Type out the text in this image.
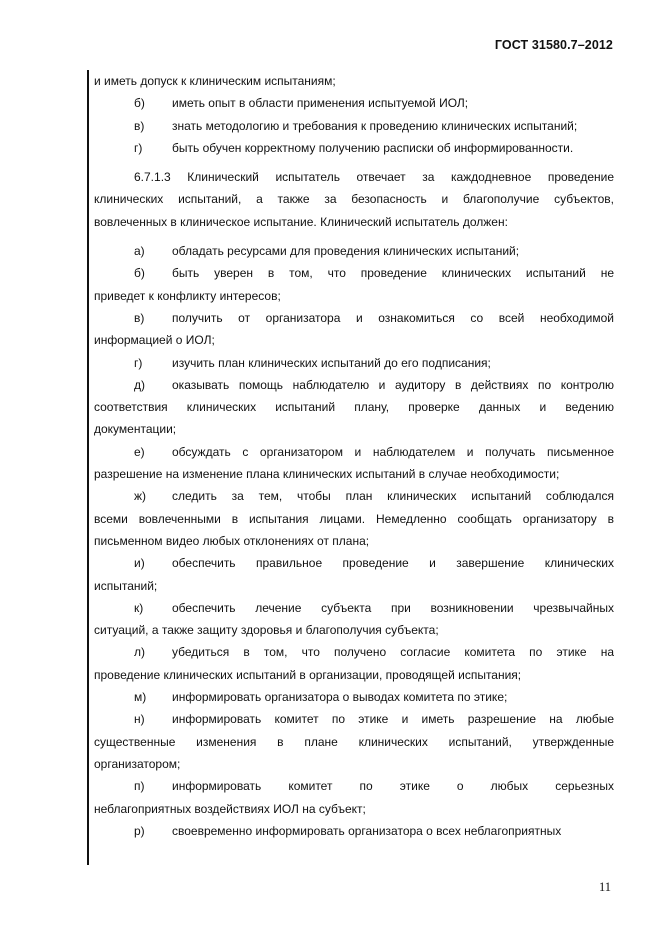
ГОСТ 31580.7–2012
и иметь допуск к клиническим испытаниям;
б)	иметь опыт в области применения испытуемой ИОЛ;
в)	знать методологию и требования к проведению клинических испытаний;
г)	быть обучен корректному получению расписки об информированности.
6.7.1.3 Клинический испытатель отвечает за каждодневное проведение
клинических испытаний, а также за безопасность и благополучие субъектов,
вовлеченных в клиническое испытание. Клинический испытатель должен:
а)	обладать ресурсами для проведения клинических испытаний;
б)	быть уверен в том, что проведение клинических испытаний не
приведет к конфликту интересов;
в)	получить от организатора и ознакомиться со всей необходимой
информацией о ИОЛ;
г)	изучить план клинических испытаний до его подписания;
д)	оказывать помощь наблюдателю и аудитору в действиях по контролю
соответствия клинических испытаний плану, проверке данных и ведению
документации;
е)	обсуждать с организатором и наблюдателем и получать письменное
разрешение на изменение плана клинических испытаний в случае необходимости;
ж)	следить за тем, чтобы план клинических испытаний соблюдался
всеми вовлеченными в испытания лицами. Немедленно сообщать организатору в
письменном видео любых отклонениях от плана;
и)	обеспечить правильное проведение и завершение клинических
испытаний;
к)	обеспечить лечение субъекта при возникновении чрезвычайных
ситуаций, а также защиту здоровья и благополучия субъекта;
л)	убедиться в том, что получено согласие комитета по этике на
проведение клинических испытаний в организации, проводящей испытания;
м)	информировать организатора о выводах комитета по этике;
н)	информировать комитет по этике и иметь разрешение на любые
существенные изменения в плане клинических испытаний, утвержденные
организатором;
п)	информировать комитет по этике о любых серьезных
неблагоприятных воздействиях ИОЛ на субъект;
р)	своевременно информировать организатора о всех неблагоприятных
11
